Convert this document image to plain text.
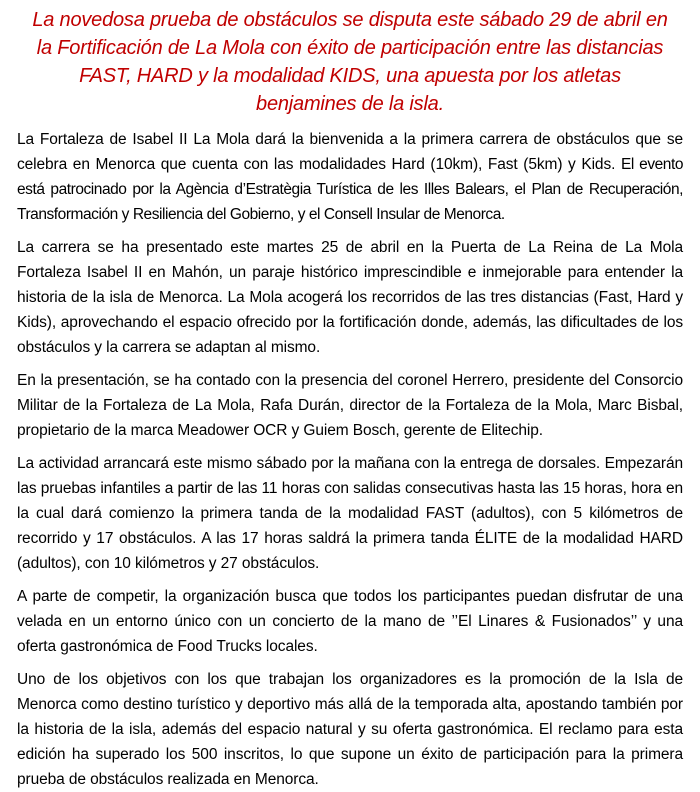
La novedosa prueba de obstáculos se disputa este sábado 29 de abril en la Fortificación de La Mola con éxito de participación entre las distancias FAST, HARD y la modalidad KIDS, una apuesta por los atletas benjamines de la isla.

La Fortaleza de Isabel II La Mola dará la bienvenida a la primera carrera de obstáculos que se celebra en Menorca que cuenta con las modalidades Hard (10km), Fast (5km) y Kids. El evento está patrocinado por la Agència d’Estratègia Turística de les Illes Balears, el Plan de Recuperación, Transformación y Resiliencia del Gobierno, y el Consell Insular de Menorca.

La carrera se ha presentado este martes 25 de abril en la Puerta de La Reina de La Mola Fortaleza Isabel II en Mahón, un paraje histórico imprescindible e inmejorable para entender la historia de la isla de Menorca. La Mola acogerá los recorridos de las tres distancias (Fast, Hard y Kids), aprovechando el espacio ofrecido por la fortificación donde, además, las dificultades de los obstáculos y la carrera se adaptan al mismo.

En la presentación, se ha contado con la presencia del coronel Herrero, presidente del Consorcio Militar de la Fortaleza de La Mola, Rafa Durán, director de la Fortaleza de la Mola, Marc Bisbal, propietario de la marca Meadower OCR y Guiem Bosch, gerente de Elitechip.

La actividad arrancará este mismo sábado por la mañana con la entrega de dorsales. Empezarán las pruebas infantiles a partir de las 11 horas con salidas consecutivas hasta las 15 horas, hora en la cual dará comienzo la primera tanda de la modalidad FAST (adultos), con 5 kilómetros de recorrido y 17 obstáculos. A las 17 horas saldrá la primera tanda ÉLITE de la modalidad HARD (adultos), con 10 kilómetros y 27 obstáculos.

A parte de competir, la organización busca que todos los participantes puedan disfrutar de una velada en un entorno único con un concierto de la mano de ’’El Linares & Fusionados’’ y una oferta gastronómica de Food Trucks locales.

Uno de los objetivos con los que trabajan los organizadores es la promoción de la Isla de Menorca como destino turístico y deportivo más allá de la temporada alta, apostando también por la historia de la isla, además del espacio natural y su oferta gastronómica. El reclamo para esta edición ha superado los 500 inscritos, lo que supone un éxito de participación para la primera prueba de obstáculos realizada en Menorca.
